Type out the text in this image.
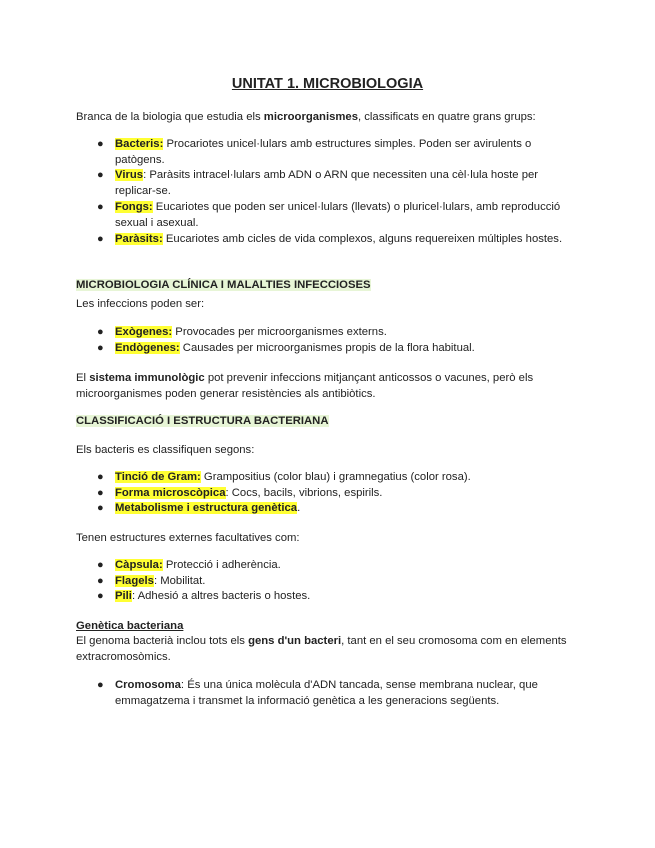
UNITAT 1. MICROBIOLOGIA
Branca de la biologia que estudia els microorganismes, classificats en quatre grans grups:
● Bacteris: Procariotes unicel·lulars amb estructures simples. Poden ser avirulents o patògens.
● Virus: Paràsits intracel·lulars amb ADN o ARN que necessiten una cèl·lula hoste per replicar-se.
● Fongs: Eucariotes que poden ser unicel·lulars (llevats) o pluricel·lulars, amb reproducció sexual i asexual.
● Paràsits: Eucariotes amb cicles de vida complexos, alguns requereixen múltiples hostes.
MICROBIOLOGIA CLÍNICA I MALALTIES INFECCIOSES
Les infeccions poden ser:
● Exògenes: Provocades per microorganismes externs.
● Endògenes: Causades per microorganismes propis de la flora habitual.
El sistema immunològic pot prevenir infeccions mitjançant anticossos o vacunes, però els microorganismes poden generar resistències als antibiòtics.
CLASSIFICACIÓ I ESTRUCTURA BACTERIANA
Els bacteris es classifiquen segons:
● Tinció de Gram: Grampositius (color blau) i gramnegatius (color rosa).
● Forma microscòpica: Cocs, bacils, vibrions, espirils.
● Metabolisme i estructura genètica.
Tenen estructures externes facultatives com:
● Càpsula: Protecció i adherència.
● Flagels: Mobilitat.
● Pili: Adhesió a altres bacteris o hostes.
Genètica bacteriana
El genoma bacterià inclou tots els gens d'un bacteri, tant en el seu cromosoma com en elements extracromosòmics.
● Cromosoma: És una única molècula d'ADN tancada, sense membrana nuclear, que emmagatzema i transmet la informació genètica a les generacions següents.
